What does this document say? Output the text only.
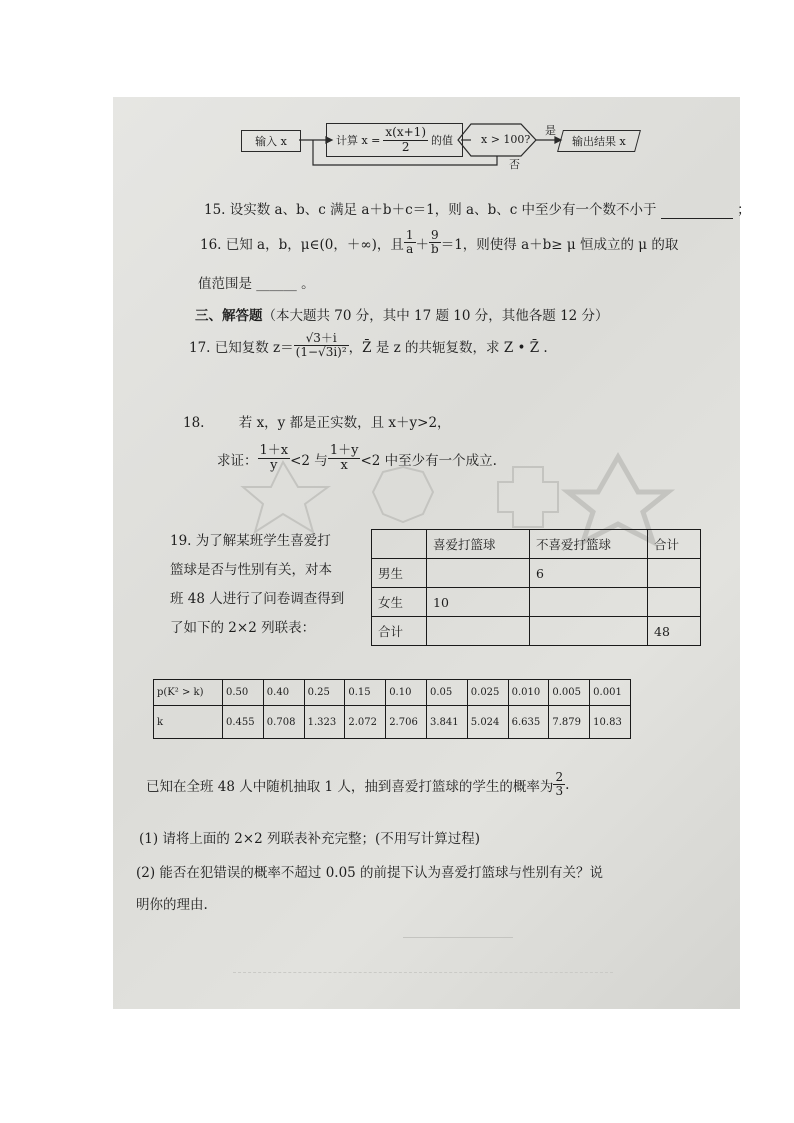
输入 x	计算 $x = \frac{x(x+1)}{2}$ 的值	x > 100?
是
否
输出结果 x
15. 设实数 a、b、c 满足 a＋b＋c＝1，则 a、b、c 中至少有一个数不小于	；
16. 已知 a，b，μ∈(0，＋∞)，且 $\frac{1}{a} + \frac{9}{b} =1$，则使得 a＋b≥ μ 恒成立的 μ 的取
值范围是 ______ 。
三、解答题（本大题共 70 分，其中 17 题 10 分，其他各题 12 分）
17. 已知复数 $z= \frac{√3+i}{\text{(1−√3i)²}}$ ，Z̄ 是 z 的共轭复数，求 Z • Z̄ .
18.	若 x，y 都是正实数，且 x＋y>2，
求证： $\frac{1+x}{y} <2$ 与 $\frac{1+y}{x} <2$ 中至少有一个成立.
19. 为了解某班学生喜爱打
篮球是否与性别有关，对本
班 48 人进行了问卷调查得到
了如下的 2×2 列联表：
	喜爱打篮球	不喜爱打篮球	合计
男生		6	
女生	10		
合计			48
p(K² > k)	0.50	0.40	0.25	0.15	0.10	0.05	0.025	0.010	0.005	0.001
k	0.455	0.708	1.323	2.072	2.706	3.841	5.024	6.635	7.879	10.83
已知在全班 48 人中随机抽取 1 人，抽到喜爱打篮球的学生的概率为 $\frac{2}{3}$ .
(1) 请将上面的 2×2 列联表补充完整；(不用写计算过程)
(2) 能否在犯错误的概率不超过 0.05 的前提下认为喜爱打篮球与性别有关？说
明你的理由.
